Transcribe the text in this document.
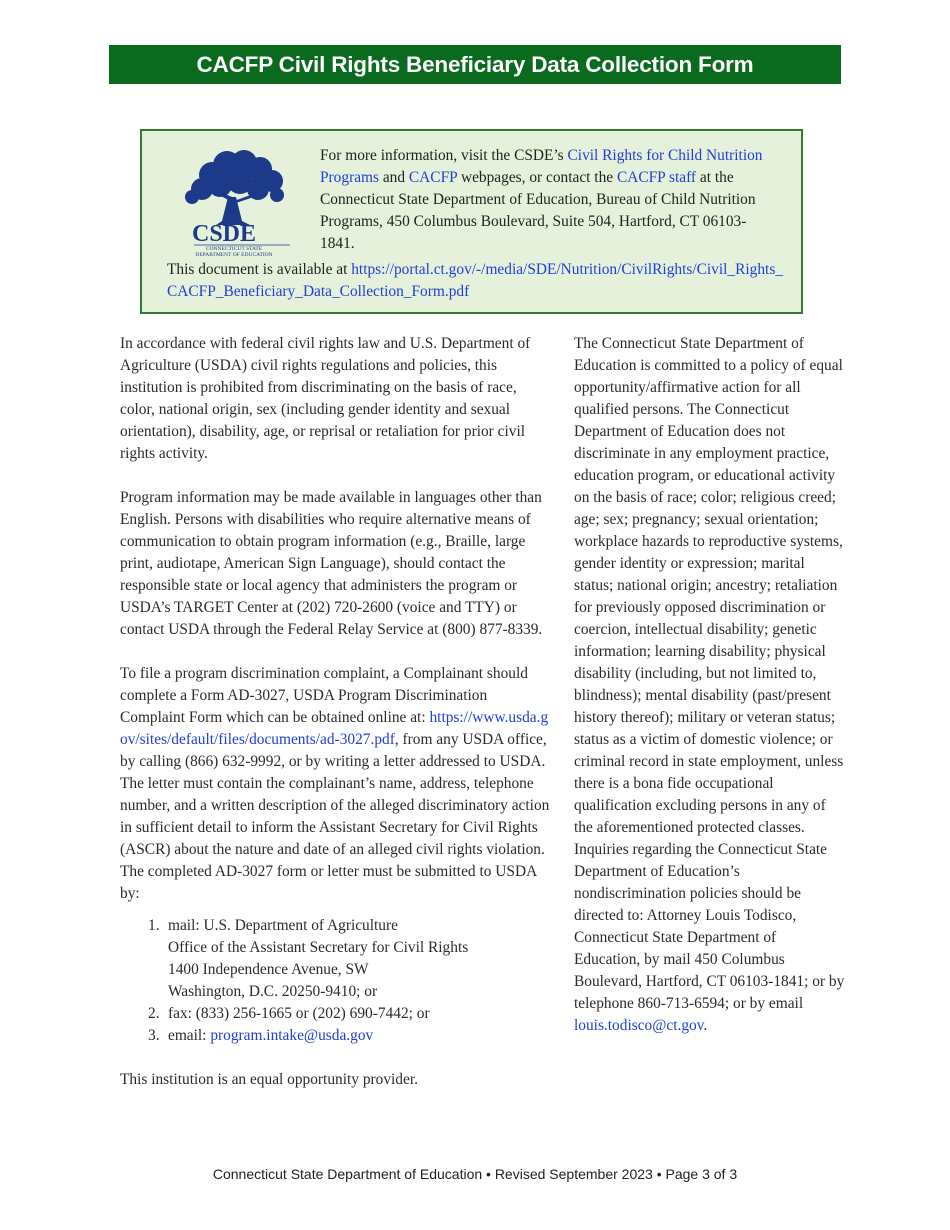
CACFP Civil Rights Beneficiary Data Collection Form
CSDE
CONNECTICUT STATE
DEPARTMENT OF EDUCATION
For more information, visit the CSDE’s Civil Rights for Child Nutrition Programs and CACFP webpages, or contact the CACFP staff at the Connecticut State Department of Education, Bureau of Child Nutrition Programs, 450 Columbus Boulevard, Suite 504, Hartford, CT 06103-1841.
This document is available at https://portal.ct.gov/-/media/SDE/Nutrition/CivilRights/Civil_Rights_CACFP_Beneficiary_Data_Collection_Form.pdf

In accordance with federal civil rights law and U.S. Department of Agriculture (USDA) civil rights regulations and policies, this institution is prohibited from discriminating on the basis of race, color, national origin, sex (including gender identity and sexual orientation), disability, age, or reprisal or retaliation for prior civil rights activity.

Program information may be made available in languages other than English. Persons with disabilities who require alternative means of communication to obtain program information (e.g., Braille, large print, audiotape, American Sign Language), should contact the responsible state or local agency that administers the program or USDA’s TARGET Center at (202) 720-2600 (voice and TTY) or contact USDA through the Federal Relay Service at (800) 877-8339.

To file a program discrimination complaint, a Complainant should complete a Form AD-3027, USDA Program Discrimination Complaint Form which can be obtained online at: https://www.usda.gov/sites/default/files/documents/ad-3027.pdf, from any USDA office, by calling (866) 632-9992, or by writing a letter addressed to USDA. The letter must contain the complainant’s name, address, telephone number, and a written description of the alleged discriminatory action in sufficient detail to inform the Assistant Secretary for Civil Rights (ASCR) about the nature and date of an alleged civil rights violation. The completed AD-3027 form or letter must be submitted to USDA by:

1. mail: U.S. Department of Agriculture
Office of the Assistant Secretary for Civil Rights
1400 Independence Avenue, SW
Washington, D.C. 20250-9410; or
2. fax: (833) 256-1665 or (202) 690-7442; or
3. email: program.intake@usda.gov

This institution is an equal opportunity provider.

The Connecticut State Department of Education is committed to a policy of equal opportunity/affirmative action for all qualified persons. The Connecticut Department of Education does not discriminate in any employment practice, education program, or educational activity on the basis of race; color; religious creed; age; sex; pregnancy; sexual orientation; workplace hazards to reproductive systems, gender identity or expression; marital status; national origin; ancestry; retaliation for previously opposed discrimination or coercion, intellectual disability; genetic information; learning disability; physical disability (including, but not limited to, blindness); mental disability (past/present history thereof); military or veteran status; status as a victim of domestic violence; or criminal record in state employment, unless there is a bona fide occupational qualification excluding persons in any of the aforementioned protected classes. Inquiries regarding the Connecticut State Department of Education’s nondiscrimination policies should be directed to: Attorney Louis Todisco, Connecticut State Department of Education, by mail 450 Columbus Boulevard, Hartford, CT 06103-1841; or by telephone 860-713-6594; or by email louis.todisco@ct.gov.

Connecticut State Department of Education • Revised September 2023 • Page 3 of 3
